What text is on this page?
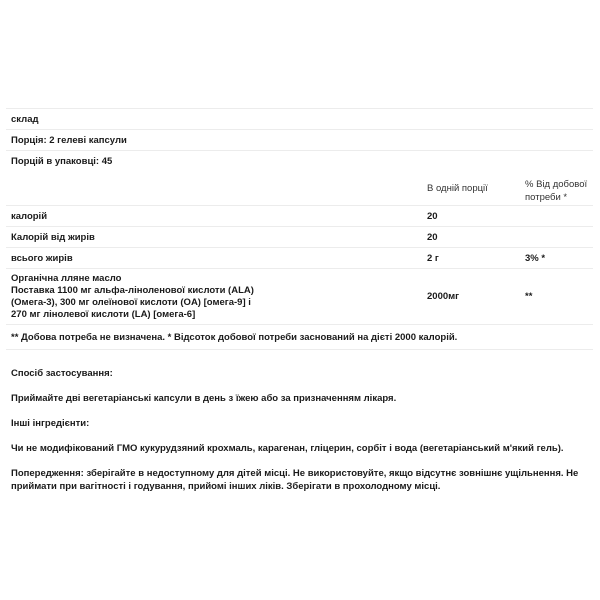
склад		
Порція: 2 гелеві капсули		
Порцій в упаковці: 45		
	В одній порції	% Від добової потреби *
калорій	20	
Калорій від жирів	20	
всього жирів	2 г	3% *

Органічна лляне масло
Поставка 1100 мг альфа-ліноленової кислоти (ALA)
(Омега-3), 300 мг олеїнової кислоти (OA) [омега-9] і
270 мг лінолевої кислоти (LA) [омега-6]	2000мг	**
** Добова потреба не визначена. * Відсоток добової потреби заснований на дієті 2000 калорій.		
Спосіб застосування:
Приймайте дві вегетаріанські капсули в день з їжею або за призначенням лікаря.
Інші інгредієнти:
Чи не модифікований ГМО кукурудзяний крохмаль, карагенан, гліцерин, сорбіт і вода (вегетаріанський м'який гель).
Попередження: зберігайте в недоступному для дітей місці. Не використовуйте, якщо відсутнє зовнішнє ущільнення. Не приймати при вагітності і годування, прийомі інших ліків. Зберігати в прохолодному місці.
